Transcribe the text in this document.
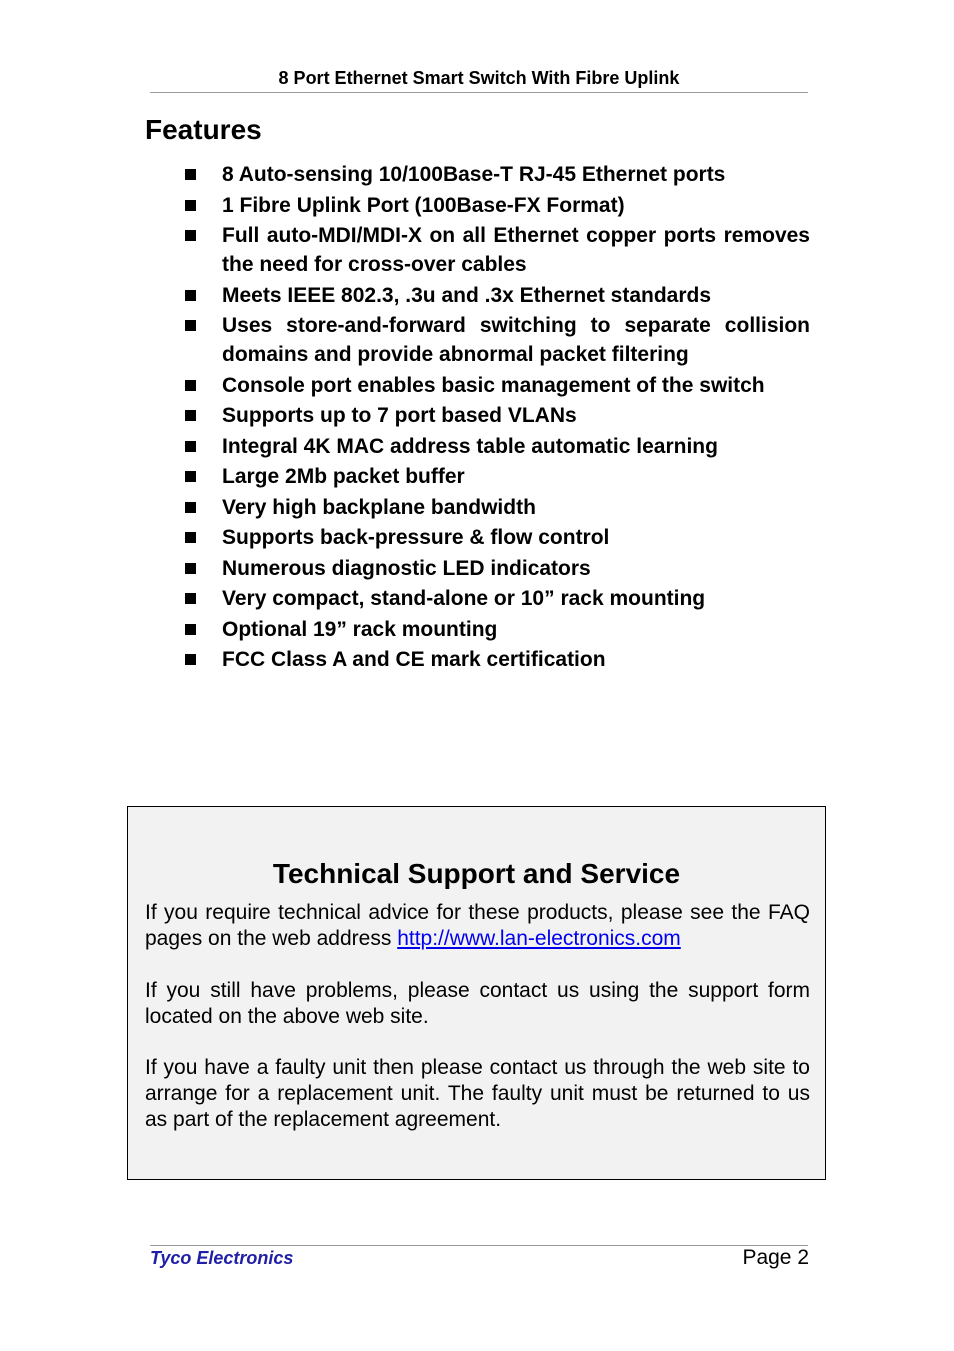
8 Port Ethernet Smart Switch With Fibre Uplink
Features
8 Auto-sensing 10/100Base-T RJ-45 Ethernet ports
1 Fibre Uplink Port (100Base-FX Format)
Full auto-MDI/MDI-X on all Ethernet copper ports removes the need for cross-over cables
Meets IEEE 802.3, .3u and .3x Ethernet standards
Uses store-and-forward switching to separate collision domains and provide abnormal packet filtering
Console port enables basic management of the switch
Supports up to 7 port based VLANs
Integral 4K MAC address table automatic learning
Large 2Mb packet buffer
Very high backplane bandwidth
Supports back-pressure & flow control
Numerous diagnostic LED indicators
Very compact, stand-alone or 10” rack mounting
Optional 19” rack mounting
FCC Class A and CE mark certification
Technical Support and Service

If you require technical advice for these products, please see the FAQ pages on the web address http://www.lan-electronics.com

If you still have problems, please contact us using the support form located on the above web site.

If you have a faulty unit then please contact us through the web site to arrange for a replacement unit. The faulty unit must be returned to us as part of the replacement agreement.

Tyco Electronics	Page 2
